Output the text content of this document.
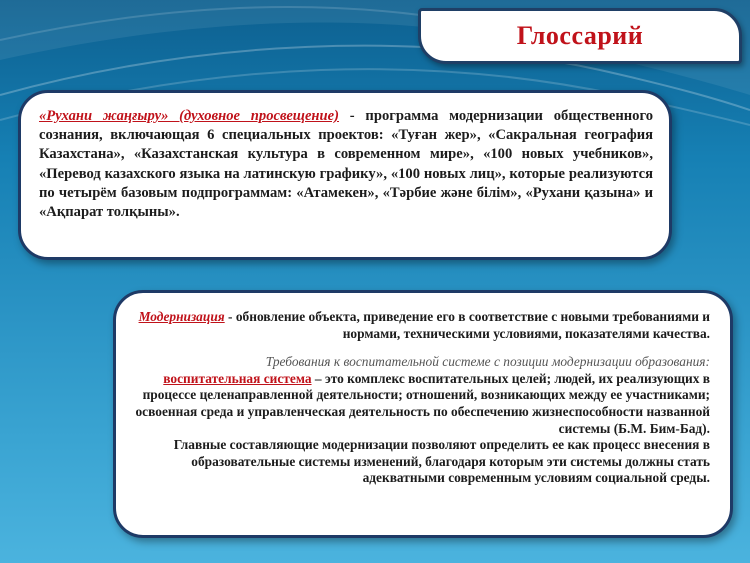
Глоссарий
«Рухани жаңғыру» (духовное просвещение) - программа модернизации общественного сознания, включающая 6 специальных проектов: «Туған жер», «Сакральная география Казахстана», «Казахстанская культура в современном мире», «100 новых учебников», «Перевод казахского языка на латинскую графику», «100 новых лиц», которые реализуются по четырём базовым подпрограммам: «Атамекен», «Тәрбие және білім», «Рухани қазына» и «Ақпарат толқыны».
Модернизация - обновление объекта, приведение его в соответствие с новыми требованиями и нормами, техническими условиями, показателями качества.
Требования к воспитательной системе с позиции модернизации образования:
воспитательная система – это комплекс воспитательных целей; людей, их реализующих в процессе целенаправленной деятельности; отношений, возникающих между ее участниками; освоенная среда и управленческая деятельность по обеспечению жизнеспособности названной системы (Б.М. Бим-Бад).
Главные составляющие модернизации позволяют определить ее как процесс внесения в образовательные системы изменений, благодаря которым эти системы должны стать адекватными современным условиям социальной среды.
